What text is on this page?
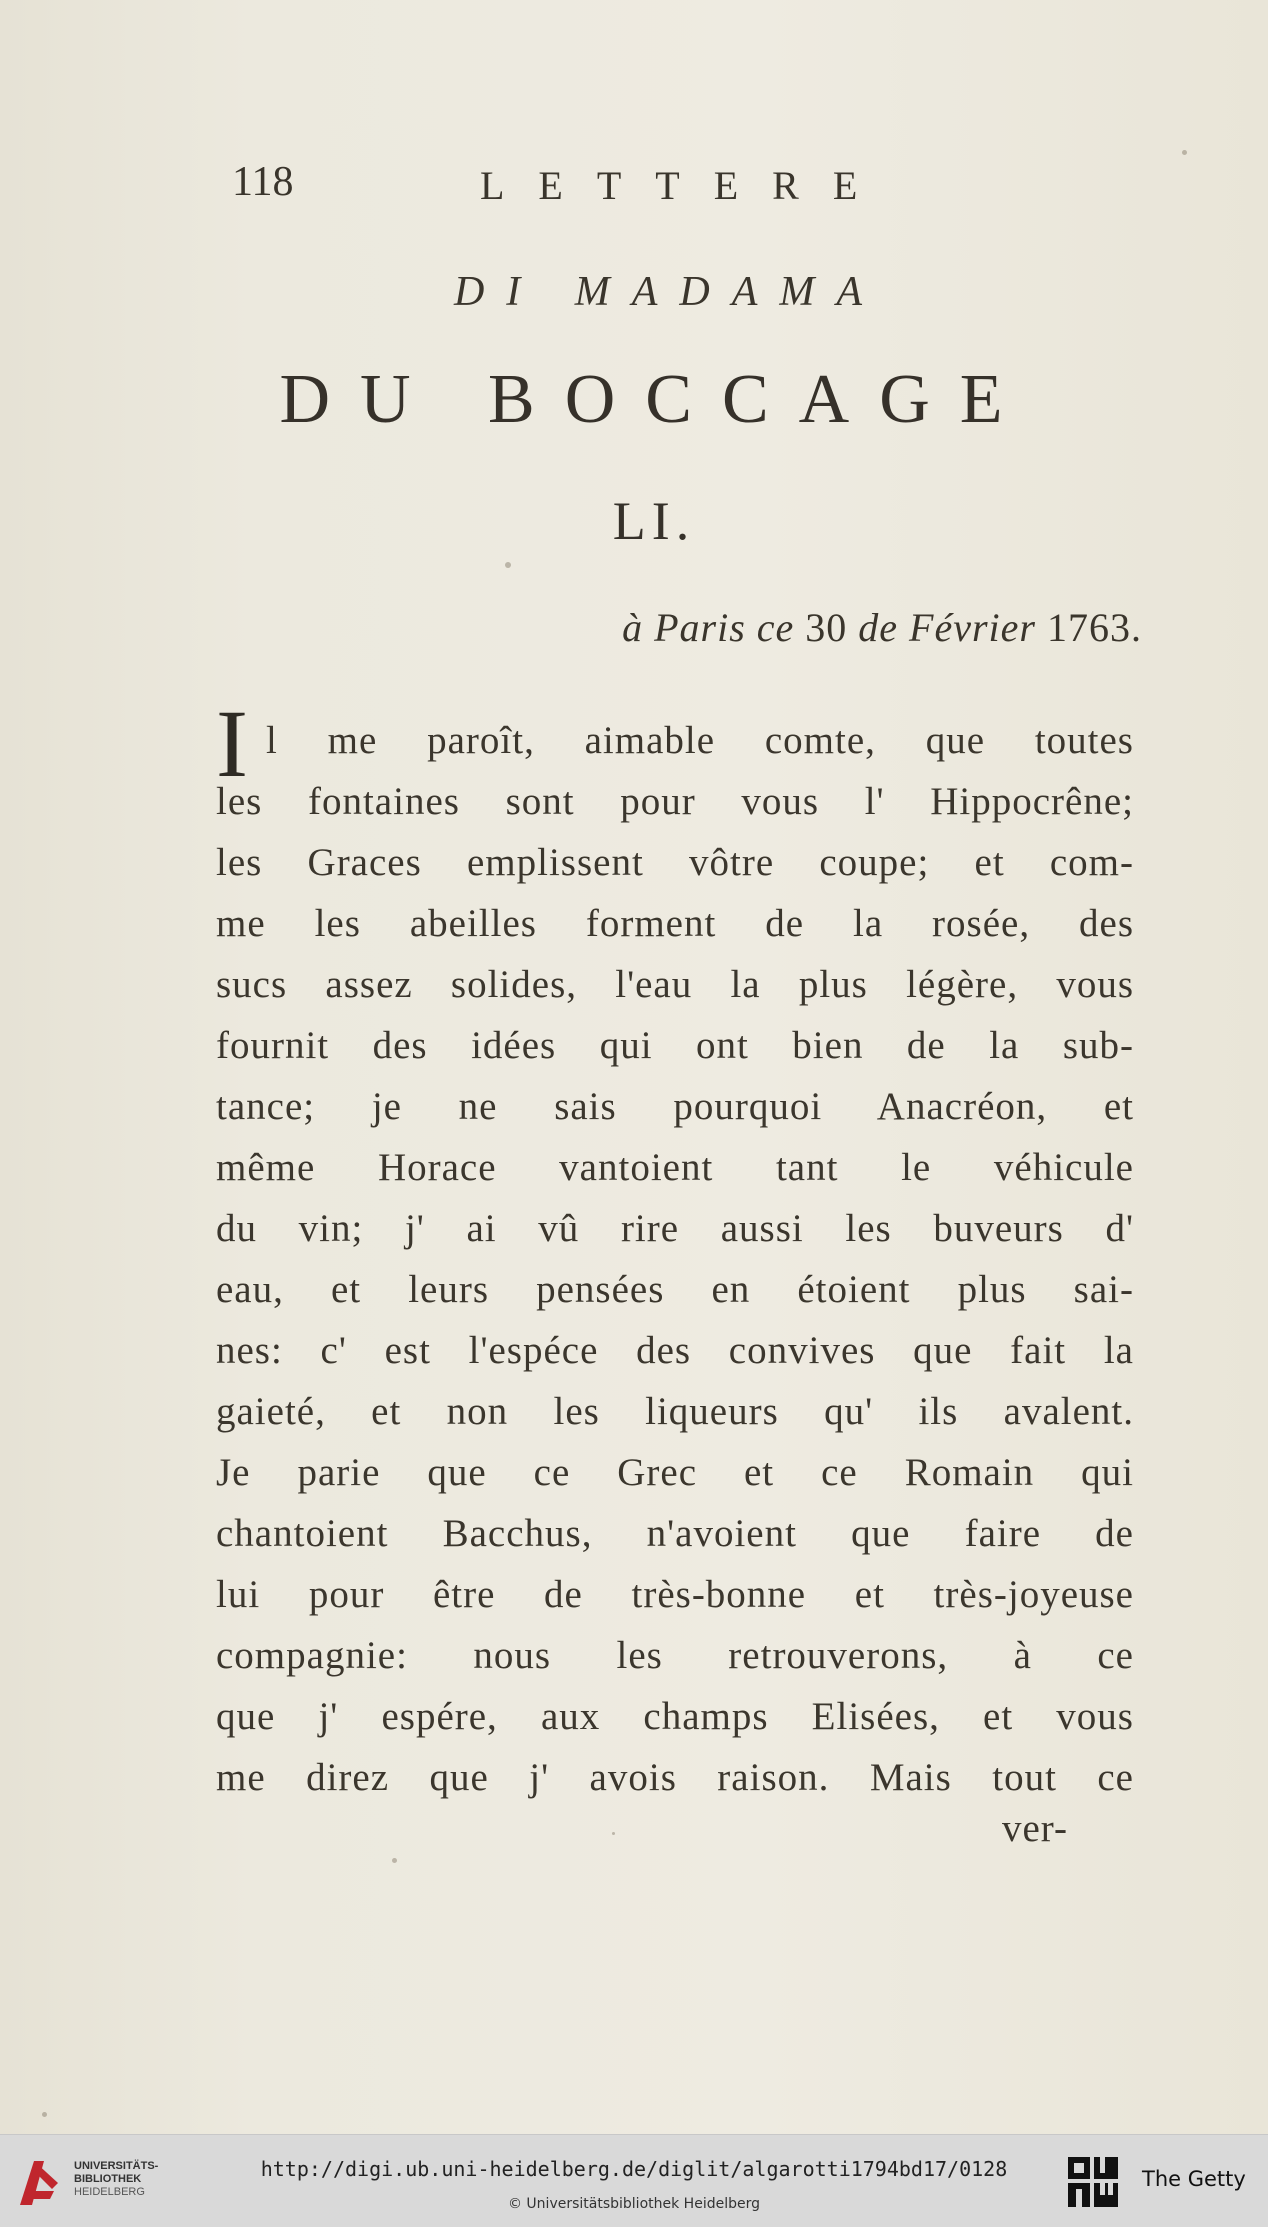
118	LETTERE
DI MADAMA
DU BOCCAGE
LI.
à Paris ce 30 de Février 1763.
I l me paroît, aimable comte, que toutes
les fontaines sont pour vous l' Hippocrêne;
les Graces emplissent vôtre coupe; et com-
me les abeilles forment de la rosée, des
sucs assez solides, l'eau la plus légère, vous
fournit des idées qui ont bien de la sub-
tance; je ne sais pourquoi Anacréon, et
même Horace vantoient tant le véhicule
du vin; j' ai vû rire aussi les buveurs d'
eau, et leurs pensées en étoient plus sai-
nes: c' est l'espéce des convives que fait la
gaieté, et non les liqueurs qu' ils avalent.
Je parie que ce Grec et ce Romain qui
chantoient Bacchus, n'avoient que faire de
lui pour être de très-bonne et très-joyeuse
compagnie: nous les retrouverons, à ce
que j' espére, aux champs Elisées, et vous
me direz que j' avois raison. Mais tout ce
ver-
UNIVERSITÄTS-
BIBLIOTHEK
HEIDELBERG
http://digi.ub.uni-heidelberg.de/diglit/algarotti1794bd17/0128
© Universitätsbibliothek Heidelberg
The Getty
